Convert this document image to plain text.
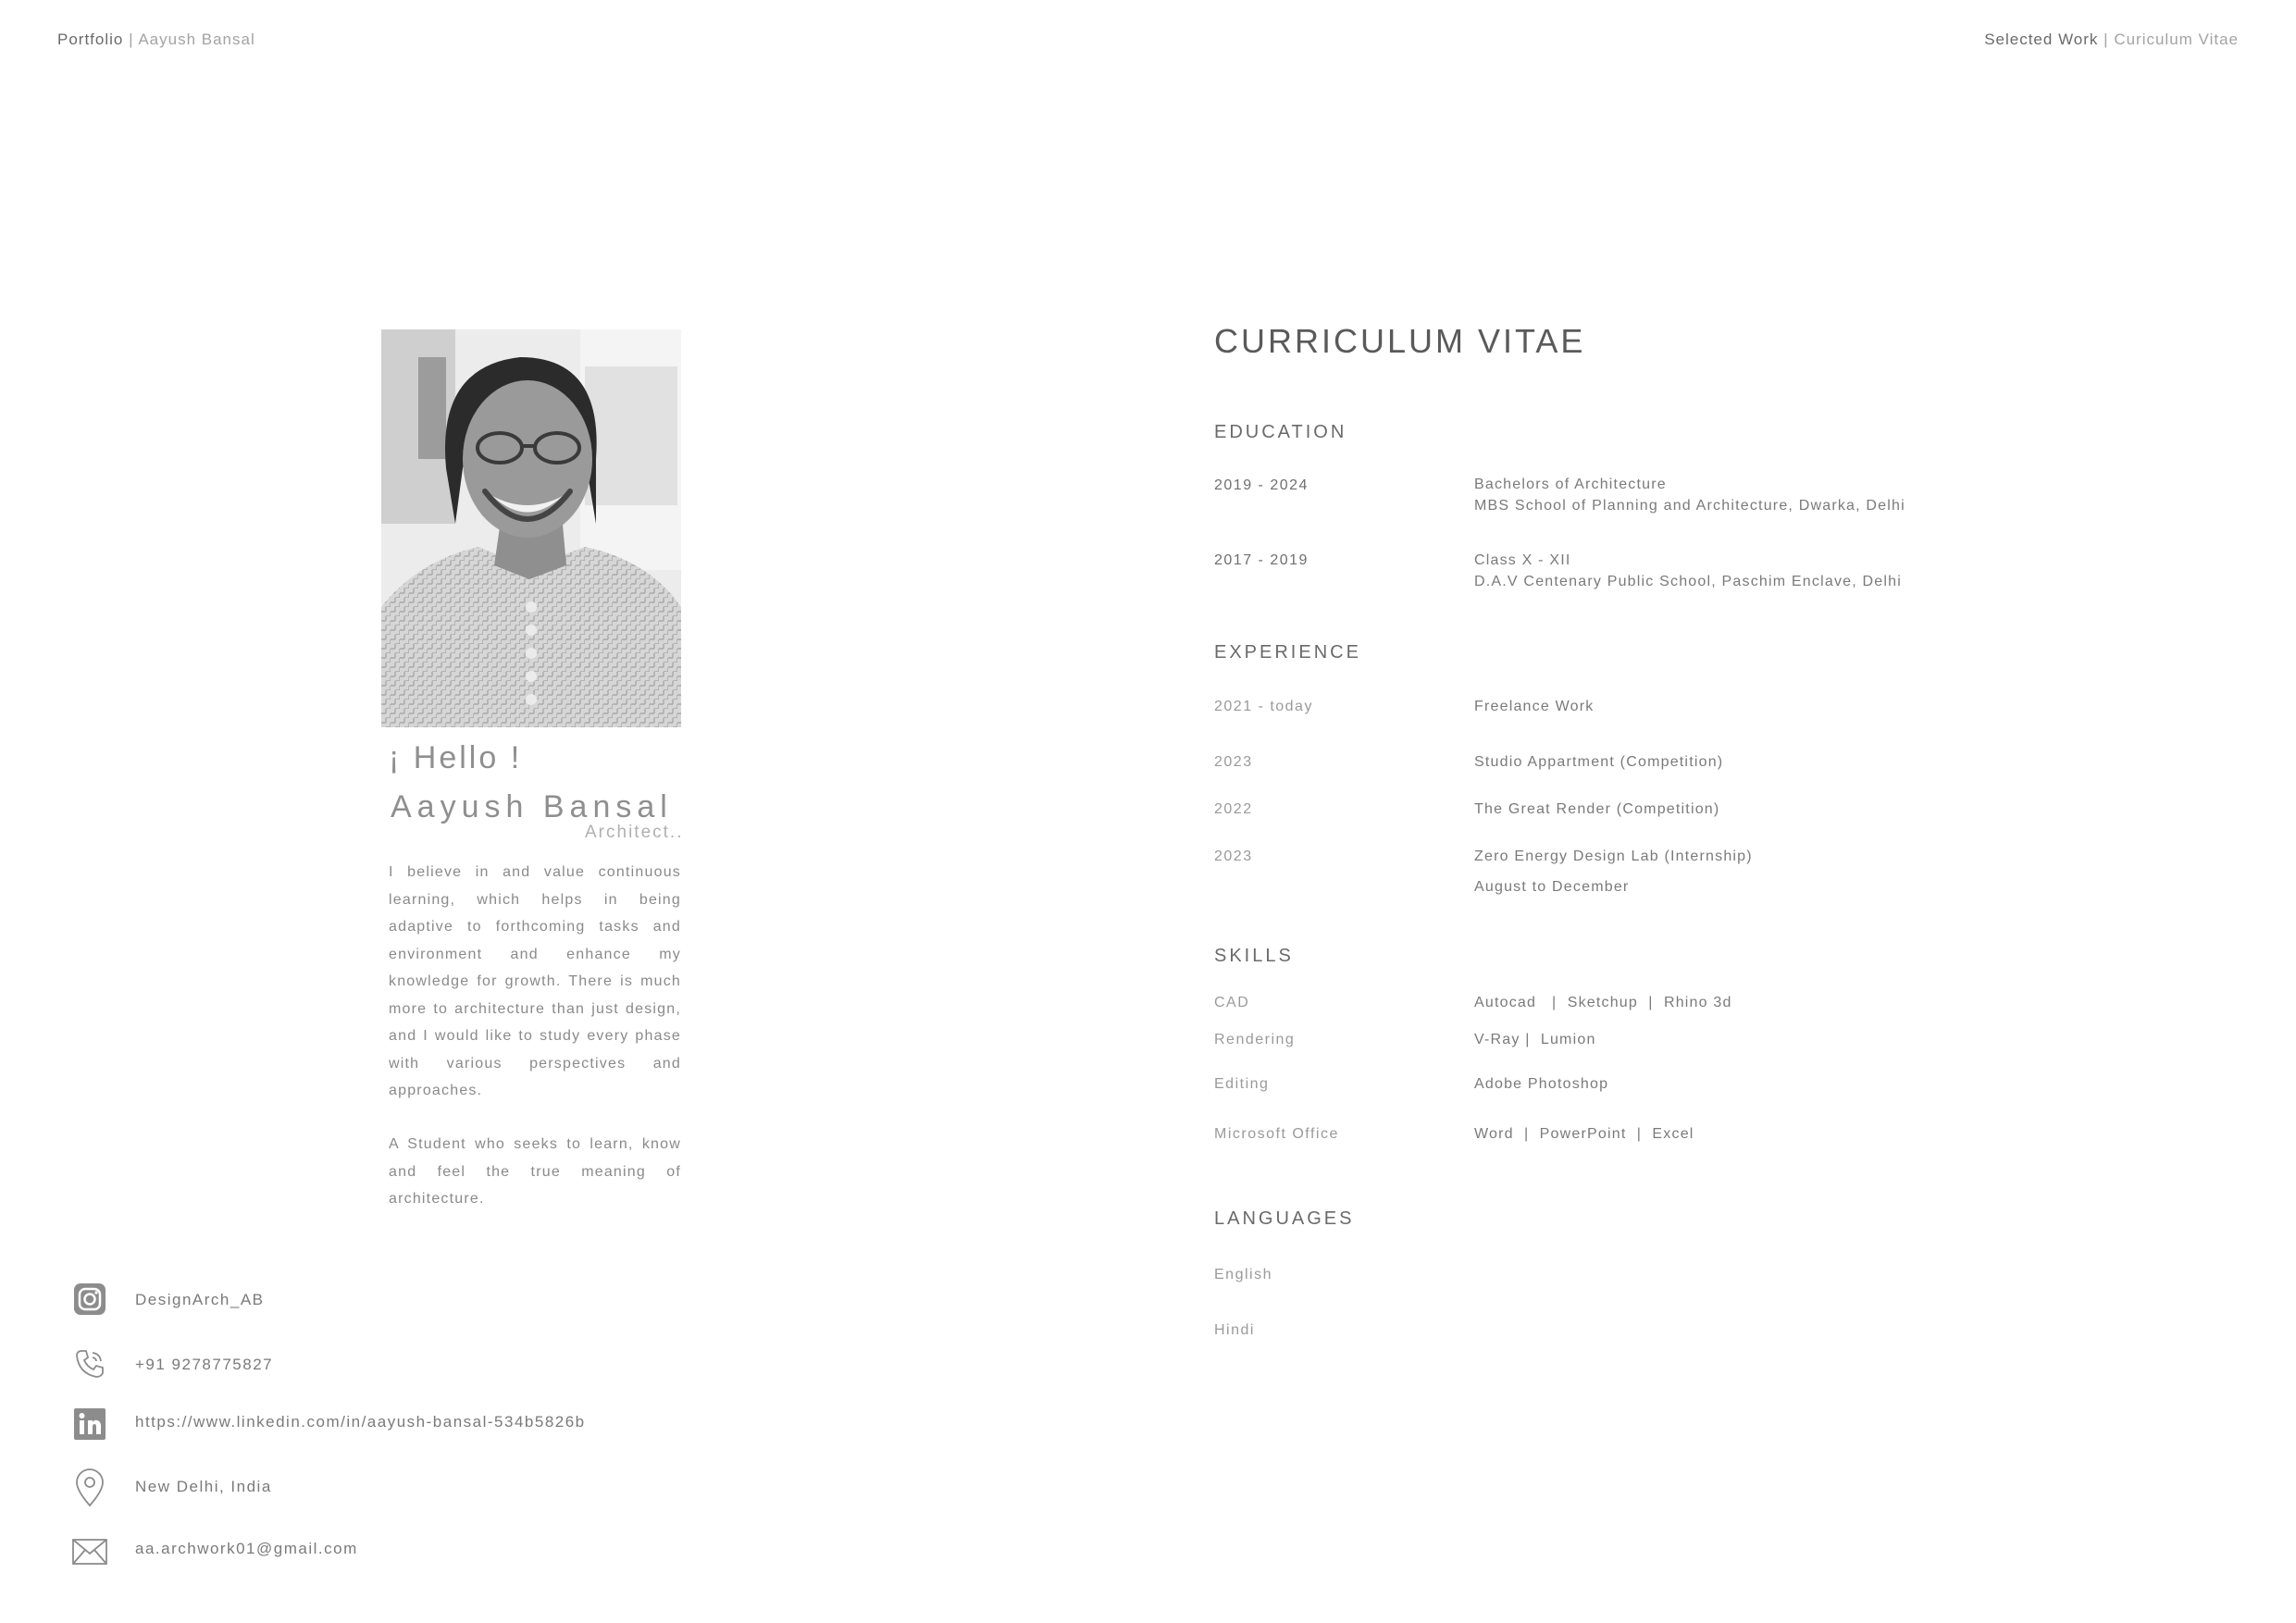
Portfolio | Aayush Bansal	Selected Work | Curiculum Vitae
¡ Hello !
Aayush Bansal
Architect..
I believe in and value continuous learning, which helps in being adaptive to forthcoming tasks and environment and enhance my knowledge for growth. There is much more to architecture than just design, and I would like to study every phase with various perspectives and approaches.
A Student who seeks to learn, know and feel the true meaning of architecture.
DesignArch_AB
+91 9278775827
https://www.linkedin.com/in/aayush-bansal-534b5826b
New Delhi, India
aa.archwork01@gmail.com
CURRICULUM VITAE
EDUCATION
2019 - 2024	Bachelors of Architecture
MBS School of Planning and Architecture, Dwarka, Delhi
2017 - 2019	Class X - XII
D.A.V Centenary Public School, Paschim Enclave, Delhi
EXPERIENCE
2021 - today	Freelance Work
2023	Studio Appartment (Competition)
2022	The Great Render (Competition)
2023	Zero Energy Design Lab (Internship)
August to December
SKILLS
CAD	Autocad   |  Sketchup  |  Rhino 3d
Rendering	V-Ray |  Lumion
Editing	Adobe Photoshop
Microsoft Office	Word  |  PowerPoint  |  Excel
LANGUAGES
English
Hindi
